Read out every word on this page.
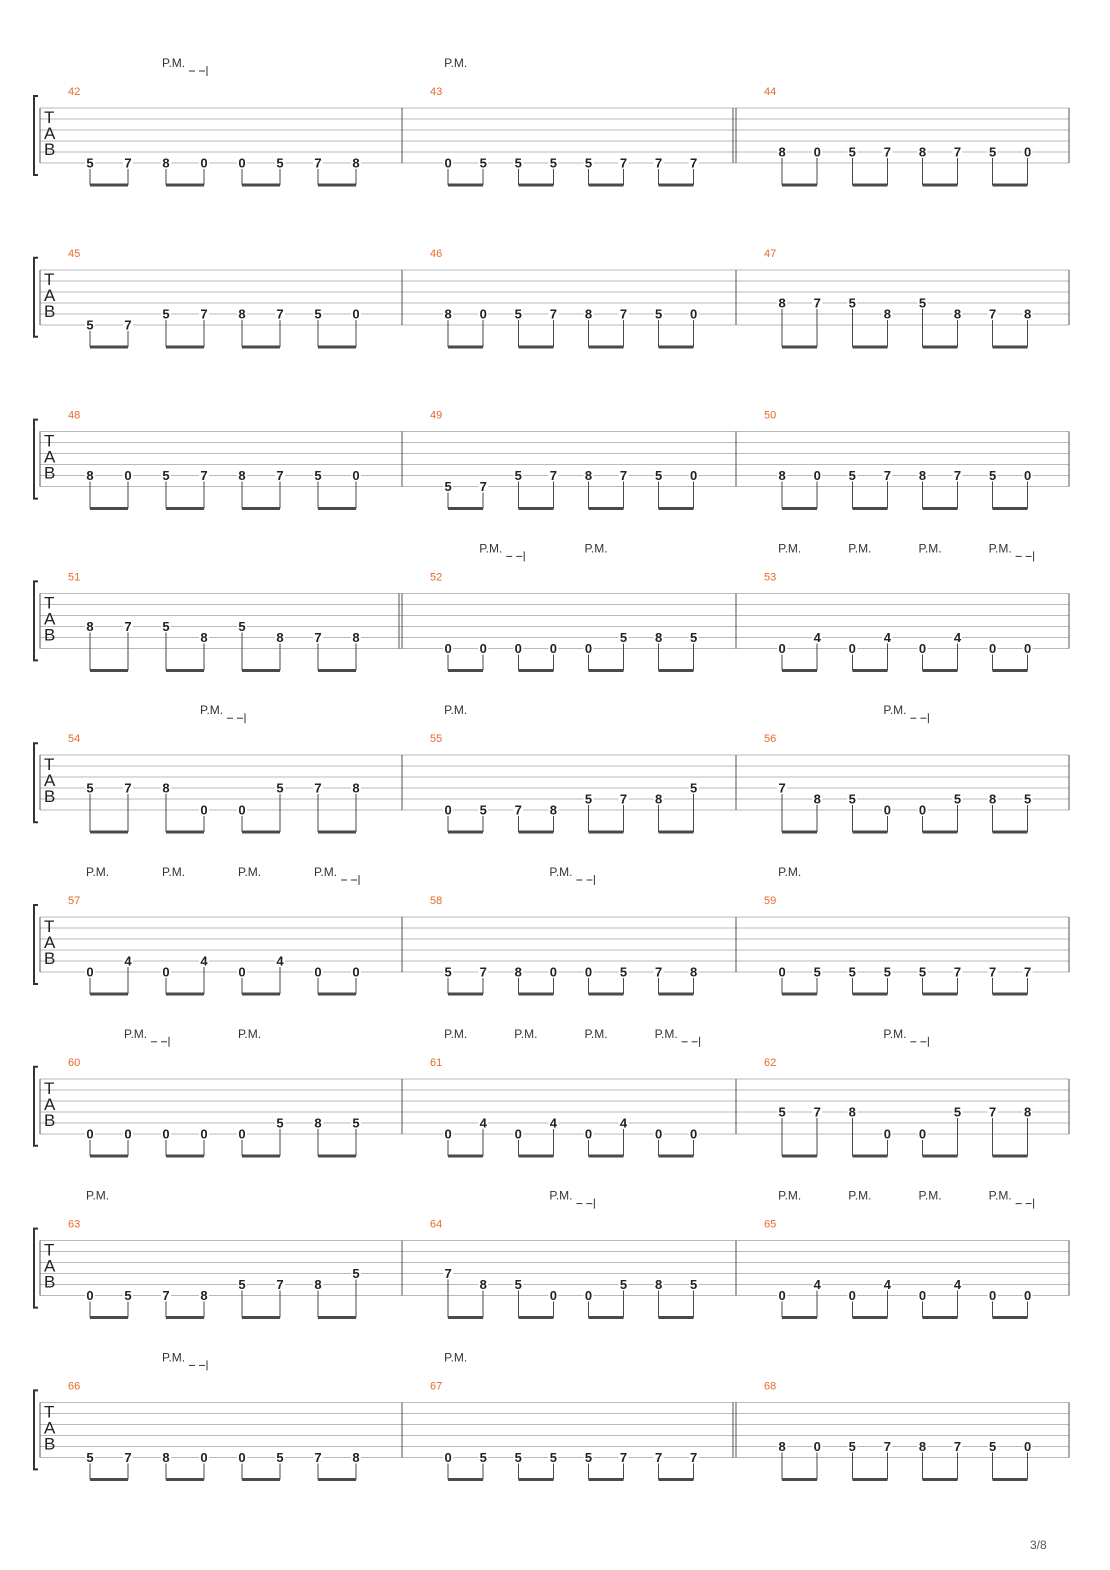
T
A
B
42
5 7 8 0 0 5 7 8
P.M.
43
0 5 5 5 5 7 7 7
P.M.
44
8 0 5 7 8 7 5 0
T
A
B
45
5 7
5 7 8 7 5 0
46
8 0 5 7 8 7 5 0
47
8 7 5
8
5
8 7 8
T
A
B
48
8 0 5 7 8 7 5 0
49
5 7
5 7 8 7 5 0
50
8 0 5 7 8 7 5 0
T
A
B
51
8 7 5
8
5
8 7 8
52
0 0 0 0 0
5 8 5
P.M.	P.M.
53
0
4
0
4
0
4
0 0
P.M.	P.M.	P.M.	P.M.
T
A
B
54
5 7 8
0 0
5 7 8
P.M.
55
0 5 7 8
5 7 8
5
P.M.
56
7
8 5
0 0
5 8 5
P.M.
T
A
B
57
0
4
0
4
0
4
0 0
P.M.	P.M.	P.M.	P.M.
58
5 7 8 0 0 5 7 8
P.M.
59
0 5 5 5 5 7 7 7
P.M.
T
A
B
60
0 0 0 0 0
5 8 5
P.M.	P.M.
61
0
4
0
4
0
4
0 0
P.M.	P.M.	P.M.	P.M.
62
5 7 8
0 0
5 7 8
P.M.
T
A
B
63
0 5 7 8
5 7 8
5
P.M.
64
7
8 5
0 0
5 8 5
P.M.
65
0
4
0
4
0
4
0 0
P.M.	P.M.	P.M.	P.M.
T
A
B
66
5 7 8 0 0 5 7 8
P.M.
67
0 5 5 5 5 7 7 7
P.M.
68
8 0 5 7 8 7 5 0
3/8
